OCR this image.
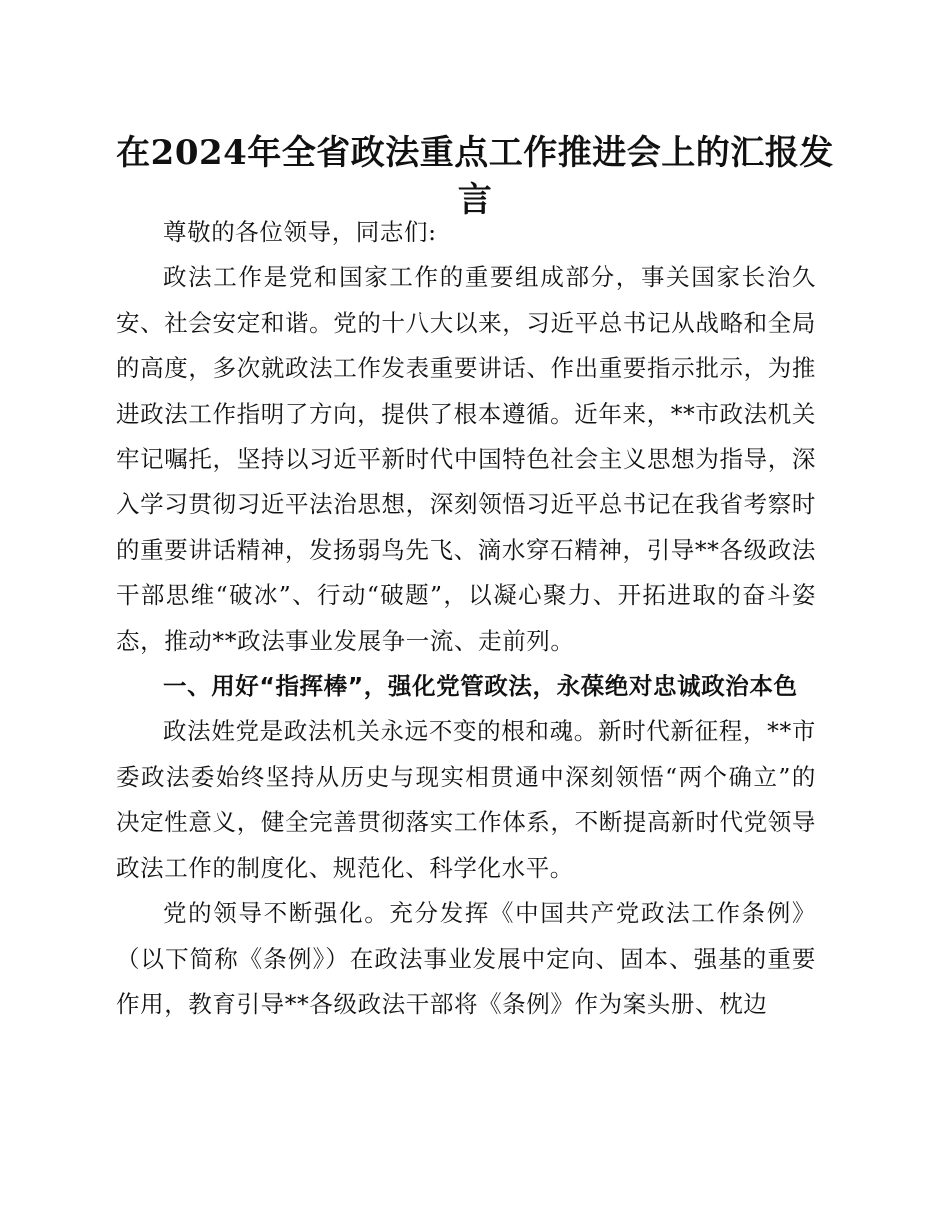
在2024年全省政法重点工作推进会上的汇报发言

尊敬的各位领导，同志们:

政法工作是党和国家工作的重要组成部分，事关国家长治久安、社会安定和谐。党的十八大以来，习近平总书记从战略和全局的高度，多次就政法工作发表重要讲话、作出重要指示批示，为推进政法工作指明了方向，提供了根本遵循。近年来，**市政法机关牢记嘱托，坚持以习近平新时代中国特色社会主义思想为指导，深入学习贯彻习近平法治思想，深刻领悟习近平总书记在我省考察时的重要讲话精神，发扬弱鸟先飞、滴水穿石精神，引导**各级政法干部思维“破冰”、行动“破题”，以凝心聚力、开拓进取的奋斗姿态，推动**政法事业发展争一流、走前列。

一、用好“指挥棒”，强化党管政法，永葆绝对忠诚政治本色

政法姓党是政法机关永远不变的根和魂。新时代新征程，**市委政法委始终坚持从历史与现实相贯通中深刻领悟“两个确立”的决定性意义，健全完善贯彻落实工作体系，不断提高新时代党领导政法工作的制度化、规范化、科学化水平。

党的领导不断强化。充分发挥《中国共产党政法工作条例》（以下简称《条例》）在政法事业发展中定向、固本、强基的重要作用，教育引导**各级政法干部将《条例》作为案头册、枕边
